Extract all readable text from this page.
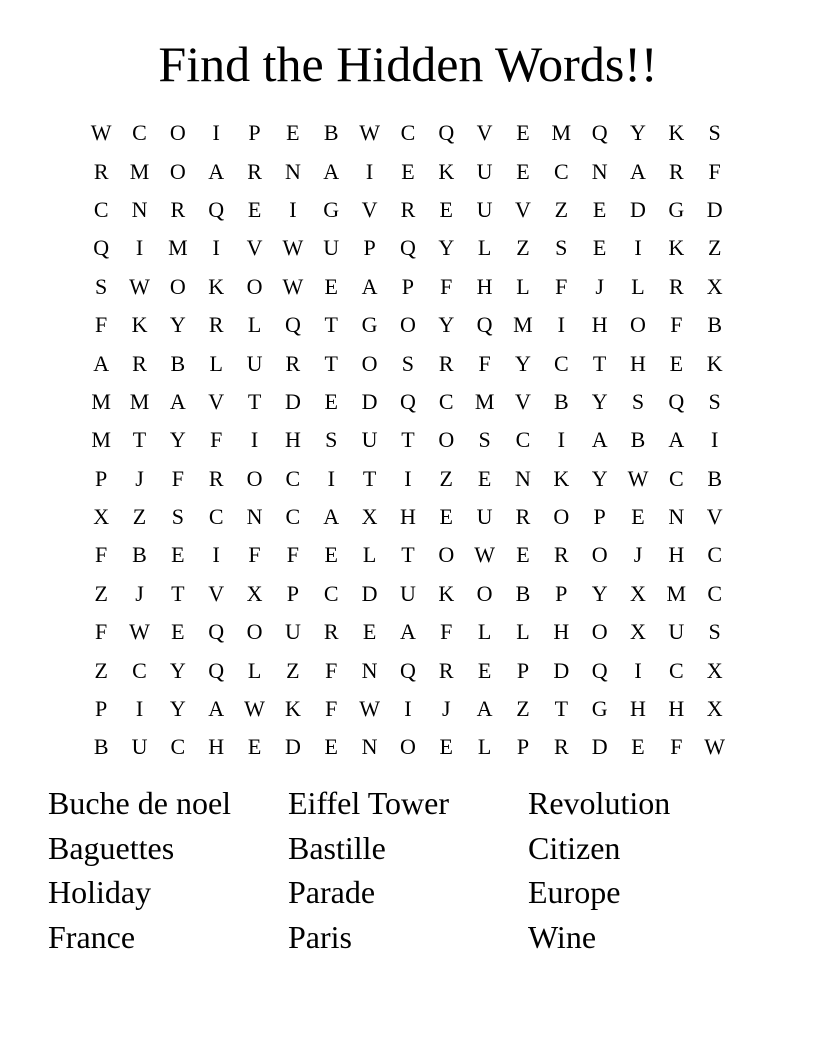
Find the Hidden Words!!
W C	O	I	P	E	B W C	Q	V	E M Q	Y	K	S
R M O	A	R	N	A	I	E	K	U	E	C	N	A	R	F
C	N	R	Q	E	I	G	V	R	E	U	V	Z	E	D	G	D
Q	I	M	I	V W U	P	Q	Y	L	Z	S	E	I	K	Z
S W O	K	O W E	A	P	F	H	L	F	J	L	R	X
F	K	Y	R	L	Q	T	G	O	Y	Q M	I	H	O	F	B
A	R	B	L	U	R	T	O	S	R	F	Y	C	T	H	E	K
M M A	V	T	D	E	D	Q	C M V	B	Y	S	Q	S
M T	Y	F	I	H	S	U	T	O	S	C	I	A	B	A	I
P	J	F	R	O	C	I	T	I	Z	E	N	K	Y W C	B
X	Z	S	C	N	C	A	X	H	E	U	R	O	P	E	N	V
F	B	E	I	F	F	E	L	T	O W E	R	O	J	H	C
Z	J	T	V	X	P	C	D	U	K	O	B	P	Y	X M C
F W E	Q	O	U	R	E	A	F	L	L	H	O	X	U	S
Z	C	Y	Q	L	Z	F	N	Q	R	E	P	D	Q	I	C	X
P	I	Y	A W K	F W	I	J	A	Z	T	G	H	H	X
B	U	C	H	E	D	E	N	O	E	L	P	R	D	E	F W
Buche de noel	Eiffel Tower	Revolution
Baguettes	Bastille	Citizen
Holiday	Parade	Europe
France	Paris	Wine
